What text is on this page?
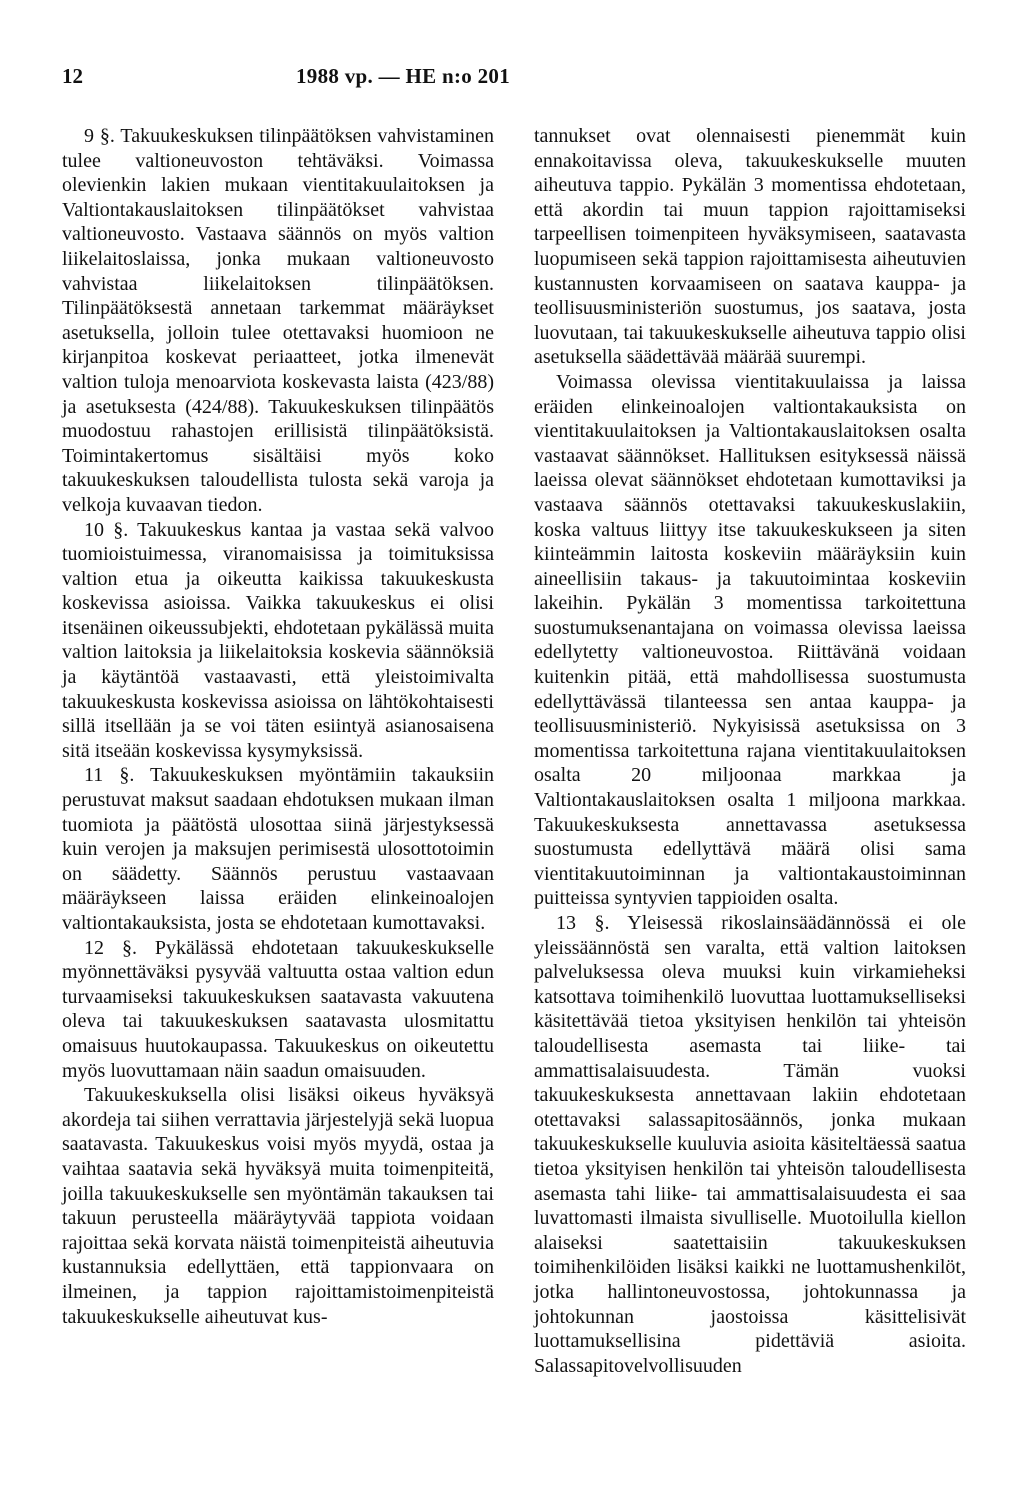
12	1988 vp. — HE n:o 201

9 §. Takuukeskuksen tilinpäätöksen vahvistaminen tulee valtioneuvoston tehtäväksi. Voimassa olevienkin lakien mukaan vientitakuulaitoksen ja Valtiontakauslaitoksen tilinpäätökset vahvistaa valtioneuvosto. Vastaava säännös on myös valtion liikelaitoslaissa, jonka mukaan valtioneuvosto vahvistaa liikelaitoksen tilinpäätöksen. Tilinpäätöksestä annetaan tarkemmat määräykset asetuksella, jolloin tulee otettavaksi huomioon ne kirjanpitoa koskevat periaatteet, jotka ilmenevät valtion tuloja menoarviota koskevasta laista (423/88) ja asetuksesta (424/88). Takuukeskuksen tilinpäätös muodostuu rahastojen erillisistä tilinpäätöksistä. Toimintakertomus sisältäisi myös koko takuukeskuksen taloudellista tulosta sekä varoja ja velkoja kuvaavan tiedon.

10 §. Takuukeskus kantaa ja vastaa sekä valvoo tuomioistuimessa, viranomaisissa ja toimituksissa valtion etua ja oikeutta kaikissa takuukeskusta koskevissa asioissa. Vaikka takuukeskus ei olisi itsenäinen oikeussubjekti, ehdotetaan pykälässä muita valtion laitoksia ja liikelaitoksia koskevia säännöksiä ja käytäntöä vastaavasti, että yleistoimivalta takuukeskusta koskevissa asioissa on lähtökohtaisesti sillä itsellään ja se voi täten esiintyä asianosaisena sitä itseään koskevissa kysymyksissä.

11 §. Takuukeskuksen myöntämiin takauksiin perustuvat maksut saadaan ehdotuksen mukaan ilman tuomiota ja päätöstä ulosottaa siinä järjestyksessä kuin verojen ja maksujen perimisestä ulosottotoimin on säädetty. Säännös perustuu vastaavaan määräykseen laissa eräiden elinkeinoalojen valtiontakauksista, josta se ehdotetaan kumottavaksi.

12 §. Pykälässä ehdotetaan takuukeskukselle myönnettäväksi pysyvää valtuutta ostaa valtion edun turvaamiseksi takuukeskuksen saatavasta vakuutena oleva tai takuukeskuksen saatavasta ulosmitattu omaisuus huutokaupassa. Takuukeskus on oikeutettu myös luovuttamaan näin saadun omaisuuden.

Takuukeskuksella olisi lisäksi oikeus hyväksyä akordeja tai siihen verrattavia järjestelyjä sekä luopua saatavasta. Takuukeskus voisi myös myydä, ostaa ja vaihtaa saatavia sekä hyväksyä muita toimenpiteitä, joilla takuukeskukselle sen myöntämän takauksen tai takuun perusteella määräytyvää tappiota voidaan rajoittaa sekä korvata näistä toimenpiteistä aiheutuvia kustannuksia edellyttäen, että tappionvaara on ilmeinen, ja tappion rajoittamistoimenpiteistä takuukeskukselle aiheutuvat kus-

tannukset ovat olennaisesti pienemmät kuin ennakoitavissa oleva, takuukeskukselle muuten aiheutuva tappio. Pykälän 3 momentissa ehdotetaan, että akordin tai muun tappion rajoittamiseksi tarpeellisen toimenpiteen hyväksymiseen, saatavasta luopumiseen sekä tappion rajoittamisesta aiheutuvien kustannusten korvaamiseen on saatava kauppa- ja teollisuusministeriön suostumus, jos saatava, josta luovutaan, tai takuukeskukselle aiheutuva tappio olisi asetuksella säädettävää määrää suurempi.

Voimassa olevissa vientitakuulaissa ja laissa eräiden elinkeinoalojen valtiontakauksista on vientitakuulaitoksen ja Valtiontakauslaitoksen osalta vastaavat säännökset. Hallituksen esityksessä näissä laeissa olevat säännökset ehdotetaan kumottaviksi ja vastaava säännös otettavaksi takuukeskuslakiin, koska valtuus liittyy itse takuukeskukseen ja siten kiinteämmin laitosta koskeviin määräyksiin kuin aineellisiin takaus- ja takuutoimintaa koskeviin lakeihin. Pykälän 3 momentissa tarkoitettuna suostumuksenantajana on voimassa olevissa laeissa edellytetty valtioneuvostoa. Riittävänä voidaan kuitenkin pitää, että mahdollisessa suostumusta edellyttävässä tilanteessa sen antaa kauppa- ja teollisuusministeriö. Nykyisissä asetuksissa on 3 momentissa tarkoitettuna rajana vientitakuulaitoksen osalta 20 miljoonaa markkaa ja Valtiontakauslaitoksen osalta 1 miljoona markkaa. Takuukeskuksesta annettavassa asetuksessa suostumusta edellyttävä määrä olisi sama vientitakuutoiminnan ja valtiontakaustoiminnan puitteissa syntyvien tappioiden osalta.

13 §. Yleisessä rikoslainsäädännössä ei ole yleissäännöstä sen varalta, että valtion laitoksen palveluksessa oleva muuksi kuin virkamieheksi katsottava toimihenkilö luovuttaa luottamukselliseksi käsitettävää tietoa yksityisen henkilön tai yhteisön taloudellisesta asemasta tai liike- tai ammattisalaisuudesta. Tämän vuoksi takuukeskuksesta annettavaan lakiin ehdotetaan otettavaksi salassapitosäännös, jonka mukaan takuukeskukselle kuuluvia asioita käsiteltäessä saatua tietoa yksityisen henkilön tai yhteisön taloudellisesta asemasta tahi liike- tai ammattisalaisuudesta ei saa luvattomasti ilmaista sivulliselle. Muotoilulla kiellon alaiseksi saatettaisiin takuukeskuksen toimihenkilöiden lisäksi kaikki ne luottamushenkilöt, jotka hallintoneuvostossa, johtokunnassa ja johtokunnan jaostoissa käsittelisivät luottamuksellisina pidettäviä asioita. Salassapitovelvollisuuden
